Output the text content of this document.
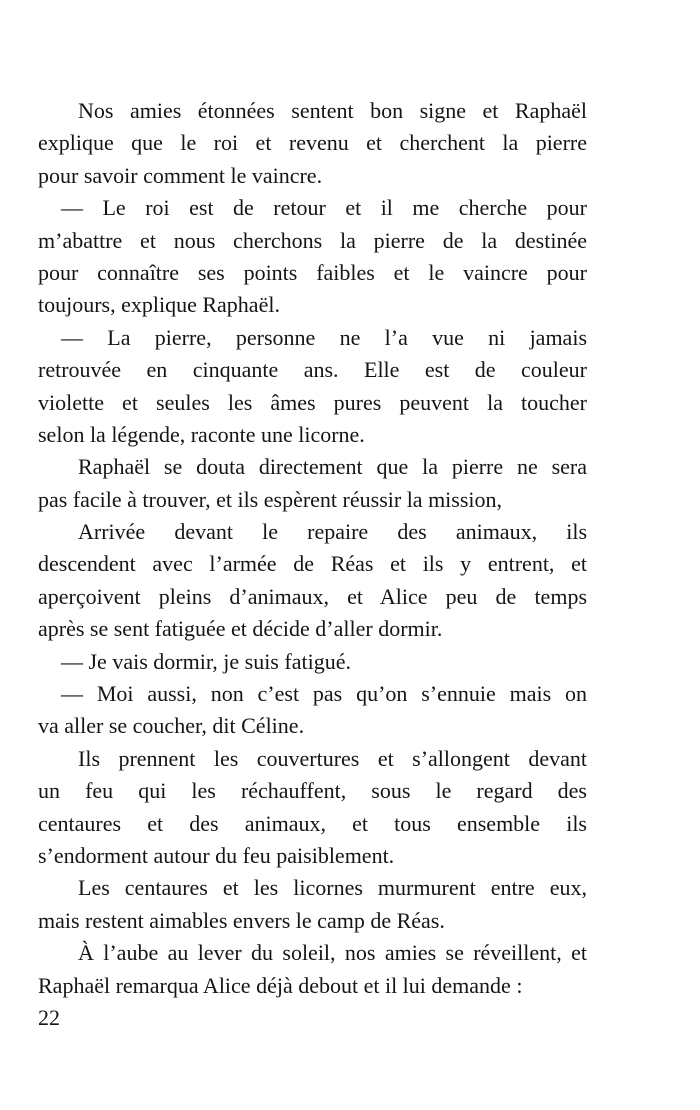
Nos amies étonnées sentent bon signe et Raphaël
explique que le roi et revenu et cherchent la pierre
pour savoir comment le vaincre.
— Le roi est de retour et il me cherche pour
m’abattre et nous cherchons la pierre de la destinée
pour connaître ses points faibles et le vaincre pour
toujours, explique Raphaël.
— La pierre, personne ne l’a vue ni jamais
retrouvée en cinquante ans. Elle est de couleur
violette et seules les âmes pures peuvent la toucher
selon la légende, raconte une licorne.
Raphaël se douta directement que la pierre ne sera
pas facile à trouver, et ils espèrent réussir la mission,
Arrivée devant le repaire des animaux, ils
descendent avec l’armée de Réas et ils y entrent, et
aperçoivent pleins d’animaux, et Alice peu de temps
après se sent fatiguée et décide d’aller dormir.
— Je vais dormir, je suis fatigué.
— Moi aussi, non c’est pas qu’on s’ennuie mais on
va aller se coucher, dit Céline.
Ils prennent les couvertures et s’allongent devant
un feu qui les réchauffent, sous le regard des
centaures et des animaux, et tous ensemble ils
s’endorment autour du feu paisiblement.
Les centaures et les licornes murmurent entre eux,
mais restent aimables envers le camp de Réas.
À l’aube au lever du soleil, nos amies se réveillent, et
Raphaël remarqua Alice déjà debout et il lui demande :
22
